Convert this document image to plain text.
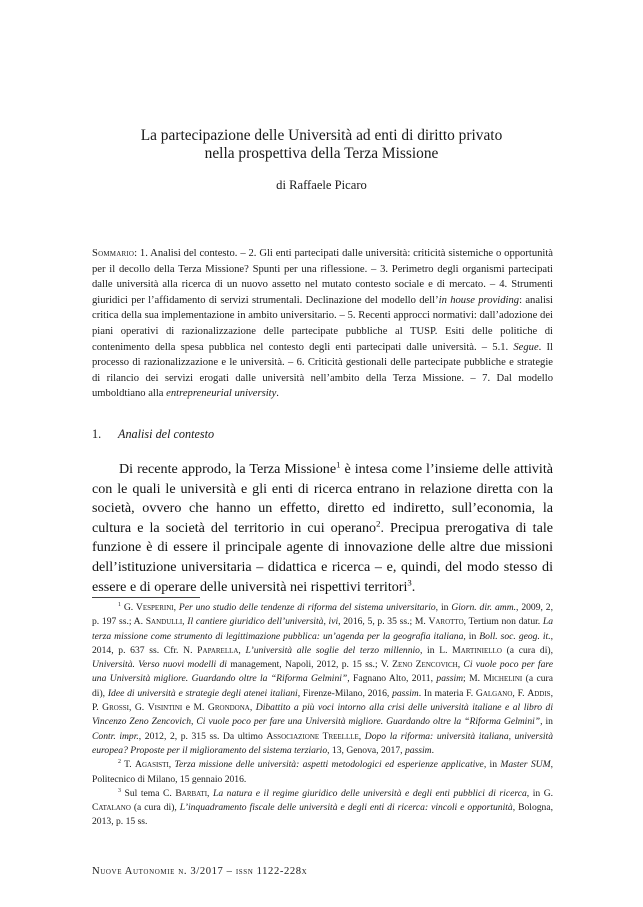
La partecipazione delle Università ad enti di diritto privato
nella prospettiva della Terza Missione
di Raffaele Picaro
Sommario: 1. Analisi del contesto. – 2. Gli enti partecipati dalle università: criticità sistemiche o opportunità per il decollo della Terza Missione? Spunti per una riflessione. – 3. Perimetro degli organismi partecipati dalle università alla ricerca di un nuovo assetto nel mutato contesto sociale e di mercato. – 4. Strumenti giuridici per l’affidamento di servizi strumentali. Declinazione del modello dell’in house providing: analisi critica della sua implementazione in ambito universitario. – 5. Recenti approcci normativi: dall’adozione dei piani operativi di razionalizzazione delle partecipate pubbliche al TUSP. Esiti delle politiche di contenimento della spesa pubblica nel contesto degli enti partecipati dalle università. – 5.1. Segue. Il processo di razionalizzazione e le università. – 6. Criticità gestionali delle partecipate pubbliche e strategie di rilancio dei servizi erogati dalle università nell’ambito della Terza Missione. – 7. Dal modello umboldtiano alla entrepreneurial university.
1. Analisi del contesto
Di recente approdo, la Terza Missione$^1$ è intesa come l’insieme delle attività con le quali le università e gli enti di ricerca entrano in relazione diretta con la società, ovvero che hanno un effetto, diretto ed indiretto, sull’economia, la cultura e la società del territorio in cui operano$^2$. Precipua prerogativa di tale funzione è di essere il principale agente di innovazione delle altre due missioni dell’istituzione universitaria – didattica e ricerca – e, quindi, del modo stesso di essere e di operare delle università nei rispettivi territori$^3$.

$^1$ G. Vesperini, Per uno studio delle tendenze di riforma del sistema universitario, in Giorn. dir. amm., 2009, 2, p. 197 ss.; A. Sandulli, Il cantiere giuridico dell’università, ivi, 2016, 5, p. 35 ss.; M. Varotto, Tertium non datur. La terza missione come strumento di legittimazione pubblica: un’agenda per la geografia italiana, in Boll. soc. geog. it., 2014, p. 637 ss. Cfr. N. Paparella, L’università alle soglie del terzo millennio, in L. Martiniello (a cura di), Università. Verso nuovi modelli di management, Napoli, 2012, p. 15 ss.; V. Zeno Zencovich, Ci vuole poco per fare una Università migliore. Guardando oltre la “Riforma Gelmini”, Fagnano Alto, 2011, passim; M. Michelini (a cura di), Idee di università e strategie degli atenei italiani, Firenze-Milano, 2016, passim. In materia F. Galgano, F. Addis, P. Grossi, G. Visintini e M. Grondona, Dibattito a più voci intorno alla crisi delle università italiane e al libro di Vincenzo Zeno Zencovich, Ci vuole poco per fare una Università migliore. Guardando oltre la “Riforma Gelmini”, in Contr. impr., 2012, 2, p. 315 ss. Da ultimo Associazione Treellle, Dopo la riforma: università italiana, università europea? Proposte per il miglioramento del sistema terziario, 13, Genova, 2017, passim.

$^2$ T. Agasisti, Terza missione delle università: aspetti metodologici ed esperienze applicative, in Master SUM, Politecnico di Milano, 15 gennaio 2016.

$^3$ Sul tema C. Barbati, La natura e il regime giuridico delle università e degli enti pubblici di ricerca, in G. Catalano (a cura di), L’inquadramento fiscale delle università e degli enti di ricerca: vincoli e opportunità, Bologna, 2013, p. 15 ss.

Nuove Autonomie n. 3/2017 – issn 1122-228x
